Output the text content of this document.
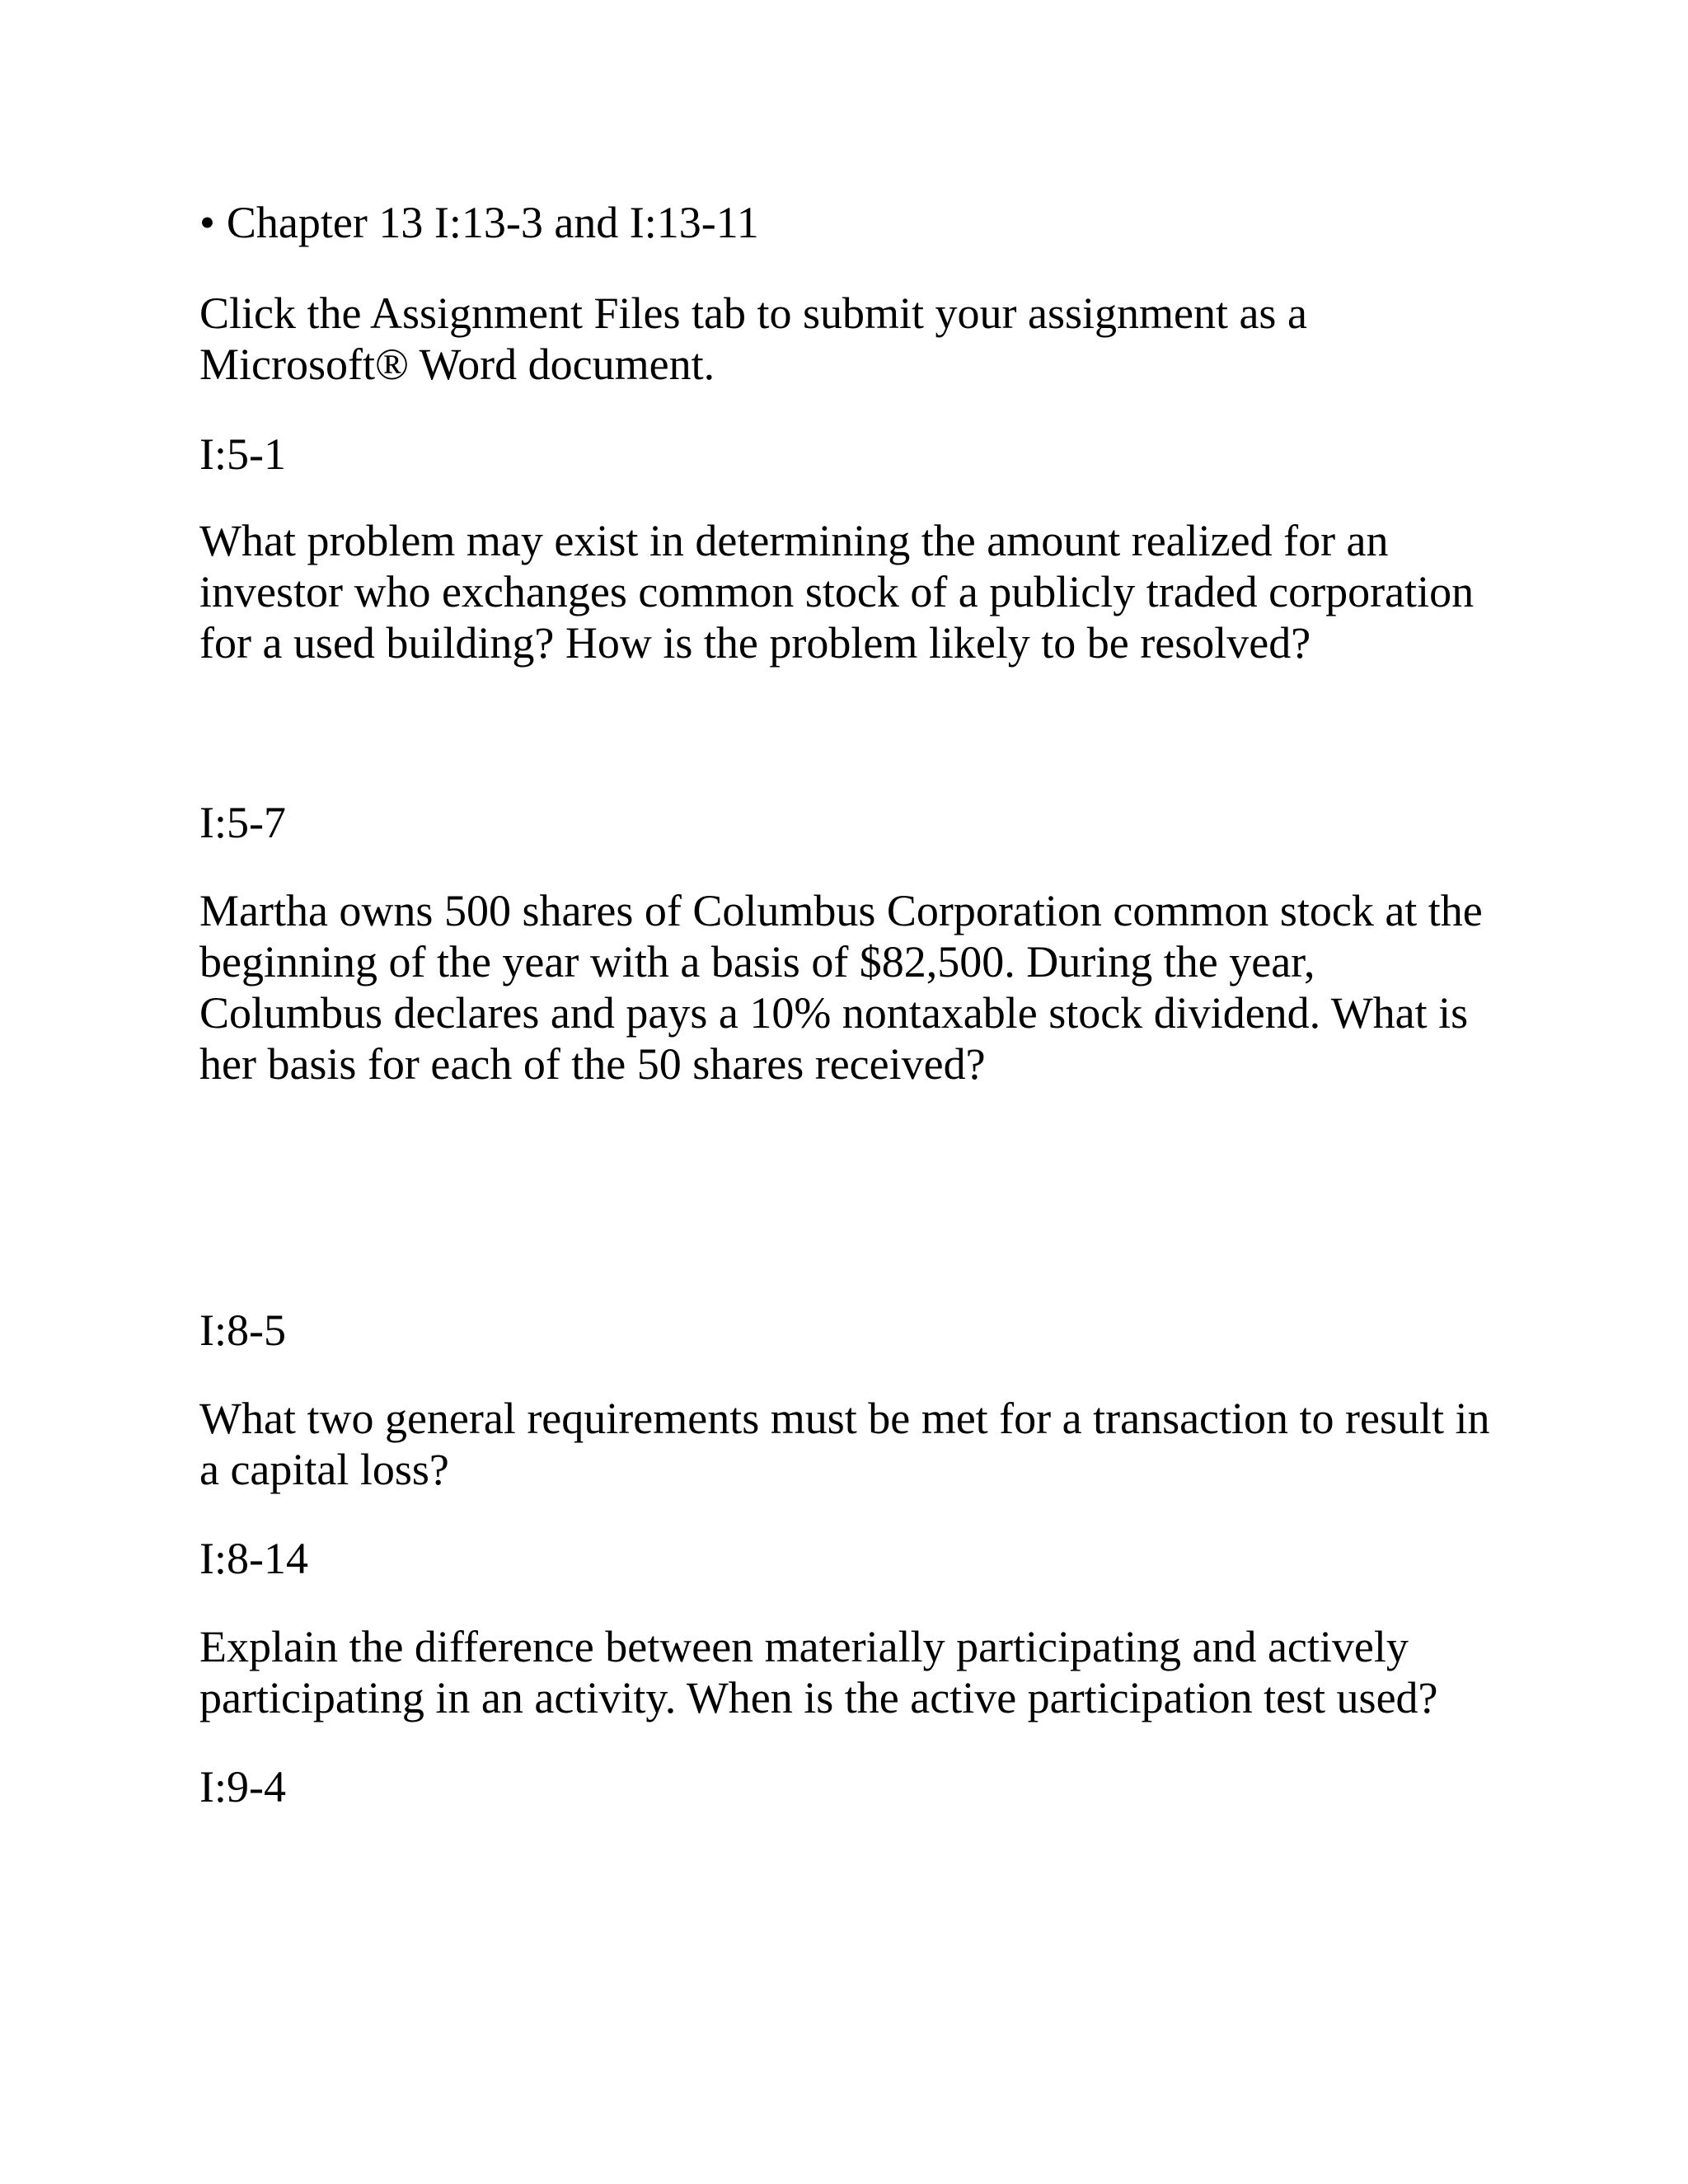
• Chapter 13 I:13-3 and I:13-11

Click the Assignment Files tab to submit your assignment as a
Microsoft® Word document.

I:5-1

What problem may exist in determining the amount realized for an
investor who exchanges common stock of a publicly traded corporation
for a used building? How is the problem likely to be resolved?

I:5-7

Martha owns 500 shares of Columbus Corporation common stock at the
beginning of the year with a basis of $82,500. During the year,
Columbus declares and pays a 10% nontaxable stock dividend. What is
her basis for each of the 50 shares received?

I:8-5

What two general requirements must be met for a transaction to result in
a capital loss?

I:8-14

Explain the difference between materially participating and actively
participating in an activity. When is the active participation test used?

I:9-4
